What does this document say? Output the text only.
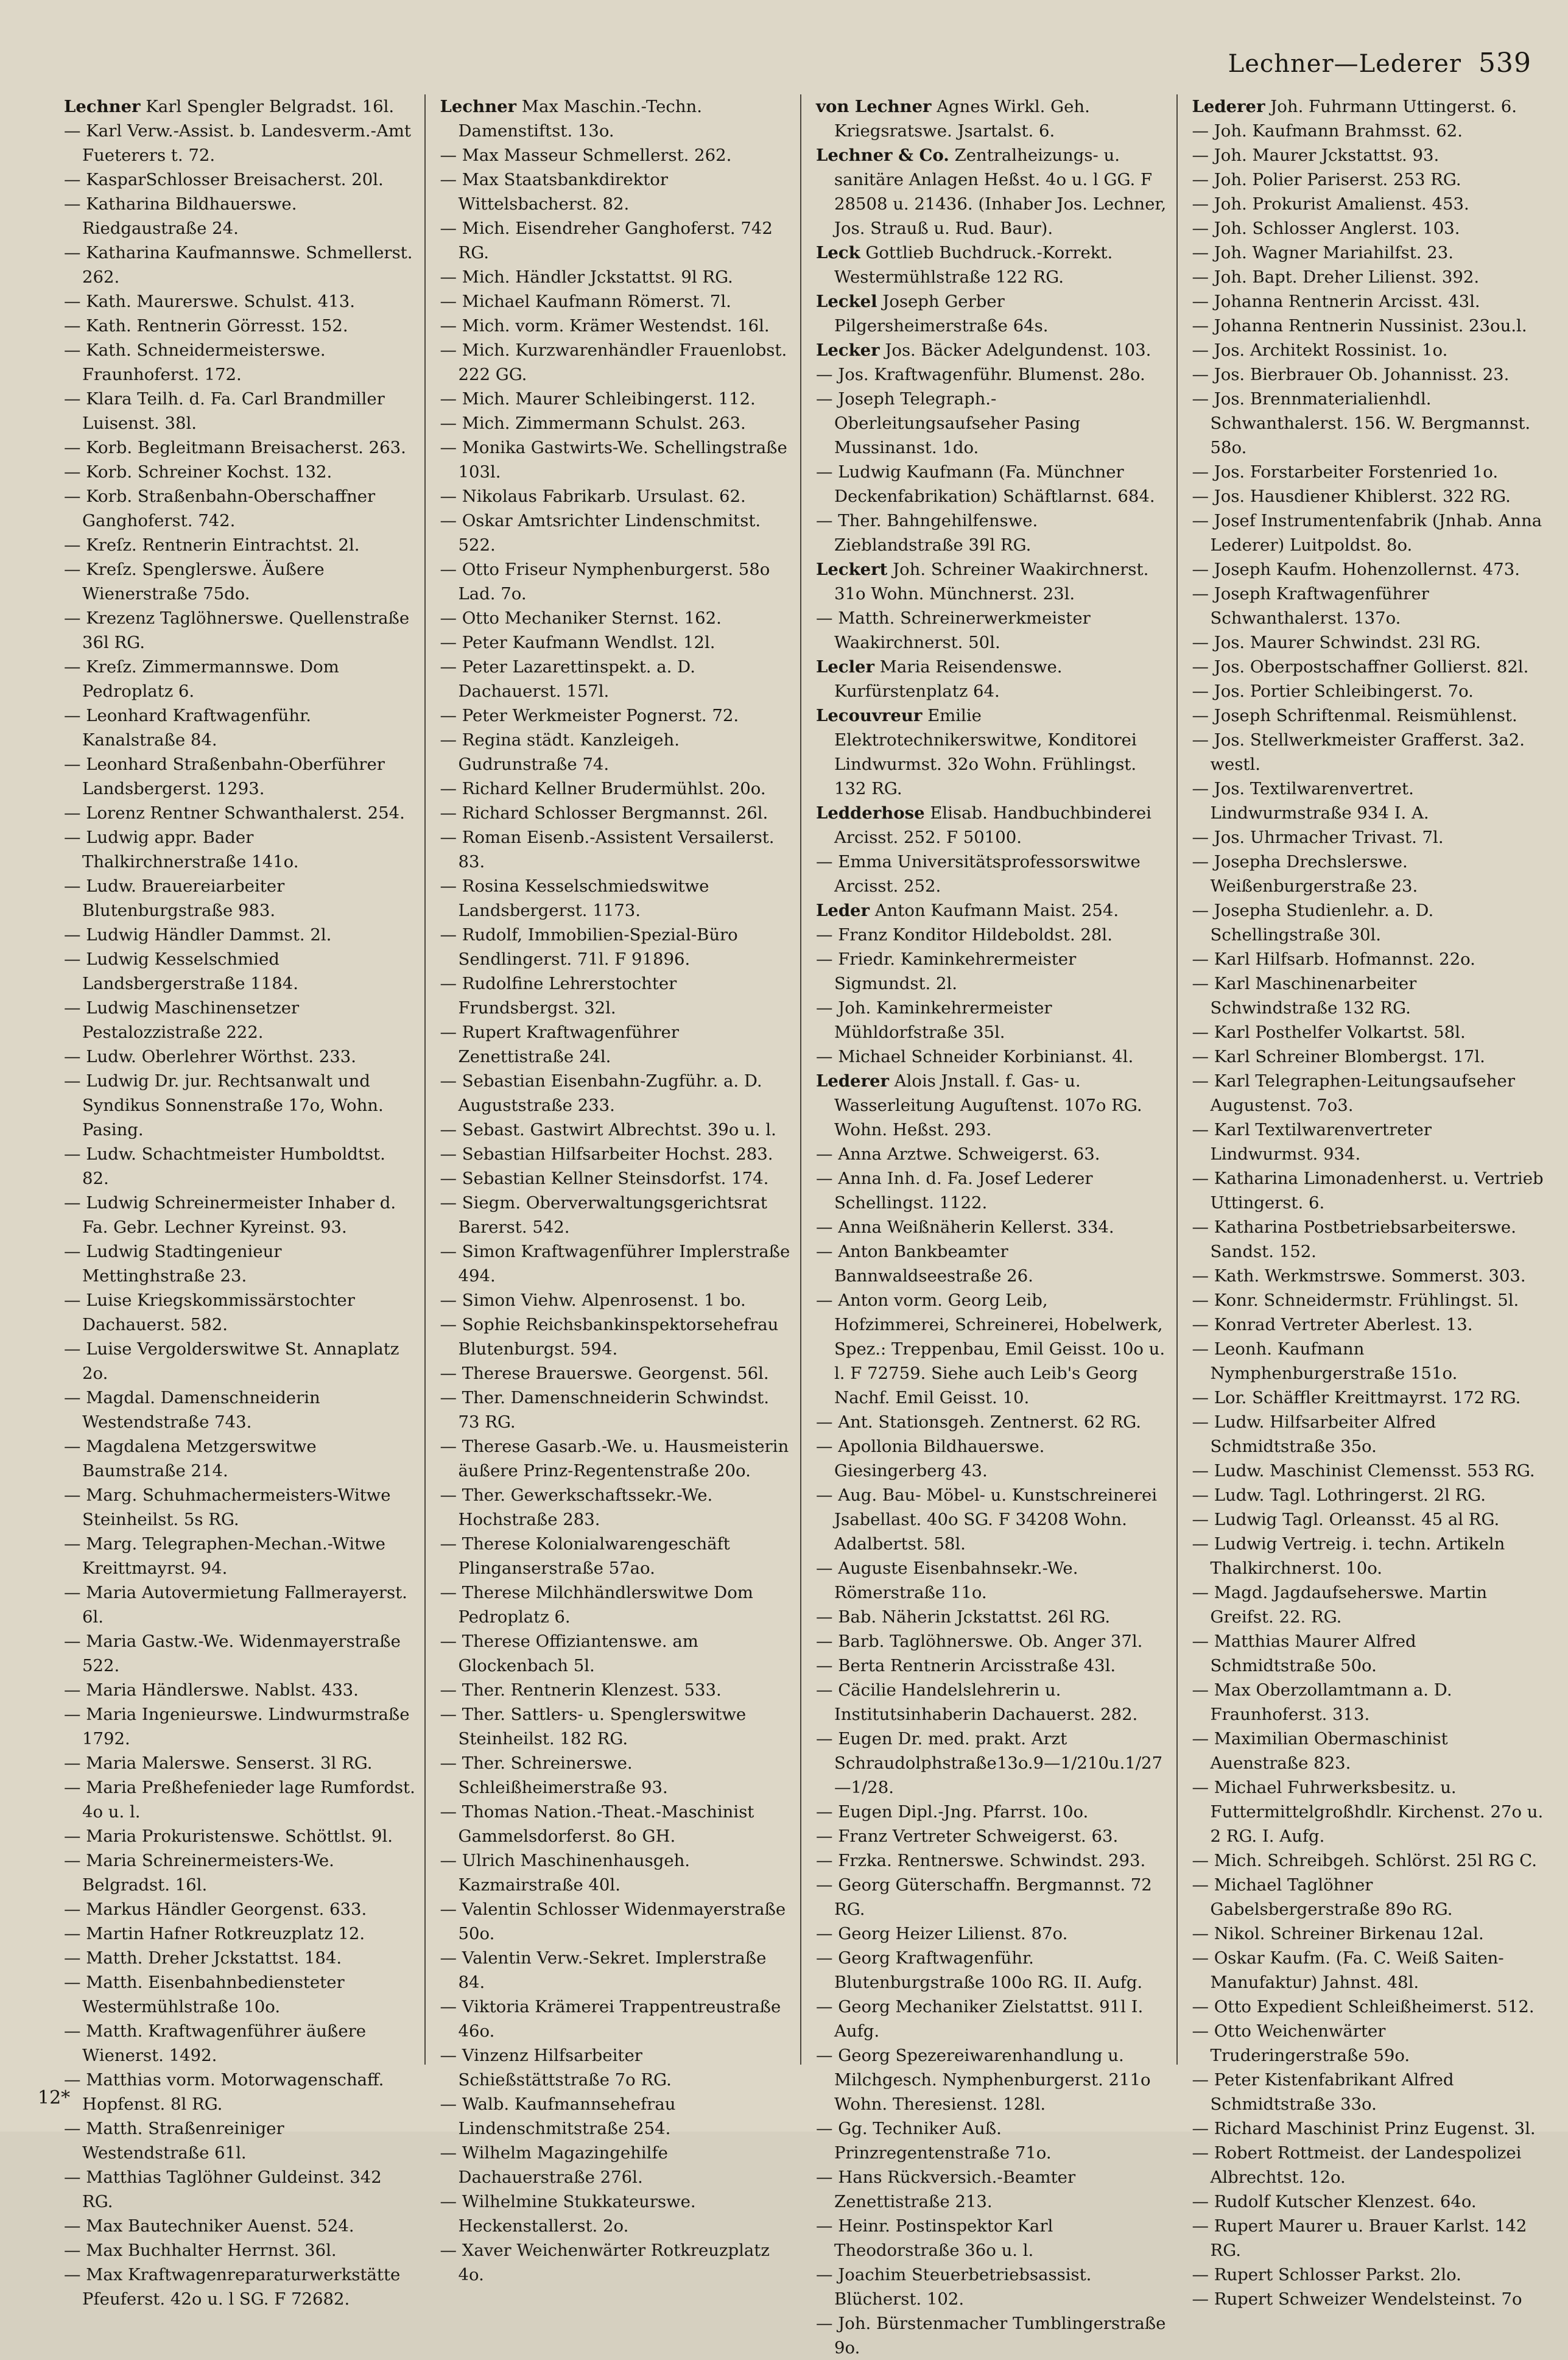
Lechner—Lederer 539
Lechner Karl Spengler Belgradst. 16l.
— Karl Verw.-Assist. b. Landesverm.-Amt Fueterers t. 72.
— KasparSchlosser Breisacherst. 20l.
— Katharina Bildhauerswe. Riedgaustraße 24.
— Katharina Kaufmannswe. Schmellerst. 262.
— Kath. Maurerswe. Schulst. 413.
— Kath. Rentnerin Görresst. 152.
— Kath. Schneidermeisterswe. Fraunhoferst. 172.
— Klara Teilh. d. Fa. Carl Brandmiller Luisenst. 38l.
— Korb. Begleitmann Breisacherst. 263.
— Korb. Schreiner Kochst. 132.
— Korb. Straßenbahn-Oberschaffner Ganghoferst. 742.
— Kreſz. Rentnerin Eintrachtst. 2l.
— Kreſz. Spenglerswe. Äußere Wienerstraße 75do.
— Krezenz Taglöhnerswe. Quellenstraße 36l RG.
— Kreſz. Zimmermannswe. Dom Pedroplatz 6.
— Leonhard Kraftwagenführ. Kanalstraße 84.
— Leonhard Straßenbahn-Oberführer Landsbergerst. 1293.
— Lorenz Rentner Schwanthalerst. 254.
— Ludwig appr. Bader Thalkirchnerstraße 141o.
— Ludw. Brauereiarbeiter Blutenburgstraße 983.
— Ludwig Händler Dammst. 2l.
— Ludwig Kesselschmied Landsbergerstraße 1184.
— Ludwig Maschinensetzer Pestalozzistraße 222.
— Ludw. Oberlehrer Wörthst. 233.
— Ludwig Dr. jur. Rechtsanwalt und Syndikus Sonnenstraße 17o, Wohn. Pasing.
— Ludw. Schachtmeister Humboldtst. 82.
— Ludwig Schreinermeister Inhaber d. Fa. Gebr. Lechner Kyreinst. 93.
— Ludwig Stadtingenieur Mettinghstraße 23.
— Luise Kriegskommissärstochter Dachauerst. 582.
— Luise Vergolderswitwe St. Annaplatz 2o.
— Magdal. Damenschneiderin Westendstraße 743.
— Magdalena Metzgerswitwe Baumstraße 214.
— Marg. Schuhmachermeisters-Witwe Steinheilst. 5s RG.
— Marg. Telegraphen-Mechan.-Witwe Kreittmayrst. 94.
— Maria Autovermietung Fallmerayerst. 6l.
— Maria Gastw.-We. Widenmayerstraße 522.
— Maria Händlerswe. Nablst. 433.
— Maria Ingenieurswe. Lindwurmstraße 1792.
— Maria Malerswe. Senserst. 3l RG.
— Maria Preßhefenieder lage Rumfordst. 4o u. l.
— Maria Prokuristenswe. Schöttlst. 9l.
— Maria Schreinermeisters-We. Belgradst. 16l.
— Markus Händler Georgenst. 633.
— Martin Hafner Rotkreuzplatz 12.
— Matth. Dreher Jckstattst. 184.
— Matth. Eisenbahnbediensteter Westermühlstraße 10o.
— Matth. Kraftwagenführer äußere Wienerst. 1492.
— Matthias vorm. Motorwagenschaff. Hopfenst. 8l RG.
— Matth. Straßenreiniger Westendstraße 61l.
— Matthias Taglöhner Guldeinst. 342 RG.
— Max Bautechniker Auenst. 524.
— Max Buchhalter Herrnst. 36l.
— Max Kraftwagenreparaturwerkstätte Pfeuferst. 42o u. l SG. F 72682.
Lechner Max Maschin.-Techn. Damenstiftst. 13o.
— Max Masseur Schmellerst. 262.
— Max Staatsbankdirektor Wittelsbacherst. 82.
— Mich. Eisendreher Ganghoferst. 742 RG.
— Mich. Händler Jckstattst. 9l RG.
— Michael Kaufmann Römerst. 7l.
— Mich. vorm. Krämer Westendst. 16l.
— Mich. Kurzwarenhändler Frauenlobst. 222 GG.
— Mich. Maurer Schleibingerst. 112.
— Mich. Zimmermann Schulst. 263.
— Monika Gastwirts-We. Schellingstraße 103l.
— Nikolaus Fabrikarb. Ursulast. 62.
— Oskar Amtsrichter Lindenschmitst. 522.
— Otto Friseur Nymphenburgerst. 58o Lad. 7o.
— Otto Mechaniker Sternst. 162.
— Peter Kaufmann Wendlst. 12l.
— Peter Lazarettinspekt. a. D. Dachauerst. 157l.
— Peter Werkmeister Pognerst. 72.
— Regina städt. Kanzleigeh. Gudrunstraße 74.
— Richard Kellner Brudermühlst. 20o.
— Richard Schlosser Bergmannst. 26l.
— Roman Eisenb.-Assistent Versailerst. 83.
— Rosina Kesselschmiedswitwe Landsbergerst. 1173.
— Rudolf, Immobilien-Spezial-Büro Sendlingerst. 71l. F 91896.
— Rudolfine Lehrerstochter Frundsbergst. 32l.
— Rupert Kraftwagenführer Zenettistraße 24l.
— Sebastian Eisenbahn-Zugführ. a. D. Auguststraße 233.
— Sebast. Gastwirt Albrechtst. 39o u. l.
— Sebastian Hilfsarbeiter Hochst. 283.
— Sebastian Kellner Steinsdorfst. 174.
— Siegm. Oberverwaltungsgerichtsrat Barerst. 542.
— Simon Kraftwagenführer Implerstraße 494.
— Simon Viehw. Alpenrosenst. 1 bo.
— Sophie Reichsbankinspektorsehefrau Blutenburgst. 594.
— Therese Brauerswe. Georgenst. 56l.
— Ther. Damenschneiderin Schwindst. 73 RG.
— Therese Gasarb.-We. u. Hausmeisterin äußere Prinz-Regentenstraße 20o.
— Ther. Gewerkschaftssekr.-We. Hochstraße 283.
— Therese Kolonialwarengeschäft Plinganserstraße 57ao.
— Therese Milchhändlerswitwe Dom Pedroplatz 6.
— Therese Offiziantenswe. am Glockenbach 5l.
— Ther. Rentnerin Klenzest. 533.
— Ther. Sattlers- u. Spenglerswitwe Steinheilst. 182 RG.
— Ther. Schreinerswe. Schleißheimerstraße 93.
— Thomas Nation.-Theat.-Maschinist Gammelsdorferst. 8o GH.
— Ulrich Maschinenhausgeh. Kazmairstraße 40l.
— Valentin Schlosser Widenmayerstraße 50o.
— Valentin Verw.-Sekret. Implerstraße 84.
— Viktoria Krämerei Trappentreustraße 46o.
— Vinzenz Hilfsarbeiter Schießstättstraße 7o RG.
— Walb. Kaufmannsehefrau Lindenschmitstraße 254.
— Wilhelm Magazingehilfe Dachauerstraße 276l.
— Wilhelmine Stukkateurswe. Heckenstallerst. 2o.
— Xaver Weichenwärter Rotkreuzplatz 4o.
von Lechner Agnes Wirkl. Geh. Kriegsratswe. Jsartalst. 6.
Lechner & Co. Zentralheizungs- u. sanitäre Anlagen Heßst. 4o u. l GG. F 28508 u. 21436. (Inhaber Jos. Lechner, Jos. Strauß u. Rud. Baur).
Leck Gottlieb Buchdruck.-Korrekt. Westermühlstraße 122 RG.
Leckel Joseph Gerber Pilgersheimerstraße 64s.
Lecker Jos. Bäcker Adelgundenst. 103.
— Jos. Kraftwagenführ. Blumenst. 28o.
— Joseph Telegraph.-Oberleitungsaufseher Pasing Mussinanst. 1do.
— Ludwig Kaufmann (Fa. Münchner Deckenfabrikation) Schäftlarnst. 684.
— Ther. Bahngehilfenswe. Zieblandstraße 39l RG.
Leckert Joh. Schreiner Waakirchnerst. 31o Wohn. Münchnerst. 23l.
— Matth. Schreinerwerkmeister Waakirchnerst. 50l.
Lecler Maria Reisendenswe. Kurfürstenplatz 64.
Lecouvreur Emilie Elektrotechnikerswitwe, Konditorei Lindwurmst. 32o Wohn. Frühlingst. 132 RG.
Ledderhose Elisab. Handbuchbinderei Arcisst. 252. F 50100.
— Emma Universitätsprofessorswitwe Arcisst. 252.
Leder Anton Kaufmann Maist. 254.
— Franz Konditor Hildeboldst. 28l.
— Friedr. Kaminkehrermeister Sigmundst. 2l.
— Joh. Kaminkehrermeister Mühldorfstraße 35l.
— Michael Schneider Korbinianst. 4l.
Lederer Alois Jnstall. f. Gas- u. Wasserleitung Auguſtenst. 107o RG. Wohn. Heßst. 293.
— Anna Arztwe. Schweigerst. 63.
— Anna Inh. d. Fa. Josef Lederer Schellingst. 1122.
— Anna Weißnäherin Kellerst. 334.
— Anton Bankbeamter Bannwaldseestraße 26.
— Anton vorm. Georg Leib, Hofzimmerei, Schreinerei, Hobelwerk, Spez.: Treppenbau, Emil Geisst. 10o u. l. F 72759. Siehe auch Leib's Georg Nachf. Emil Geisst. 10.
— Ant. Stationsgeh. Zentnerst. 62 RG.
— Apollonia Bildhauerswe. Giesingerberg 43.
— Aug. Bau- Möbel- u. Kunstschreinerei Jsabellast. 40o SG. F 34208 Wohn. Adalbertst. 58l.
— Auguste Eisenbahnsekr.-We. Römerstraße 11o.
— Bab. Näherin Jckstattst. 26l RG.
— Barb. Taglöhnerswe. Ob. Anger 37l.
— Berta Rentnerin Arcisstraße 43l.
— Cäcilie Handelslehrerin u. Institutsinhaberin Dachauerst. 282.
— Eugen Dr. med. prakt. Arzt Schraudolphstraße13o.9—1/210u.1/27—1/28.
— Eugen Dipl.-Jng. Pfarrst. 10o.
— Franz Vertreter Schweigerst. 63.
— Frzka. Rentnerswe. Schwindst. 293.
— Georg Güterschaffn. Bergmannst. 72 RG.
— Georg Heizer Lilienst. 87o.
— Georg Kraftwagenführ. Blutenburgstraße 100o RG. II. Aufg.
— Georg Mechaniker Zielstattst. 91l I. Aufg.
— Georg Spezereiwarenhandlung u. Milchgesch. Nymphenburgerst. 211o Wohn. Theresienst. 128l.
— Gg. Techniker Auß. Prinzregentenstraße 71o.
— Hans Rückversich.-Beamter Zenettistraße 213.
— Heinr. Postinspektor Karl Theodorstraße 36o u. l.
— Joachim Steuerbetriebsassist. Blücherst. 102.
— Joh. Bürstenmacher Tumblingerstraße 9o.
Lederer Joh. Fuhrmann Uttingerst. 6.
— Joh. Kaufmann Brahmsst. 62.
— Joh. Maurer Jckstattst. 93.
— Joh. Polier Pariserst. 253 RG.
— Joh. Prokurist Amalienst. 453.
— Joh. Schlosser Anglerst. 103.
— Joh. Wagner Mariahilfst. 23.
— Joh. Bapt. Dreher Lilienst. 392.
— Johanna Rentnerin Arcisst. 43l.
— Johanna Rentnerin Nussinist. 23ou.l.
— Jos. Architekt Rossinist. 1o.
— Jos. Bierbrauer Ob. Johannisst. 23.
— Jos. Brennmaterialienhdl. Schwanthalerst. 156. W. Bergmannst. 58o.
— Jos. Forstarbeiter Forstenried 1o.
— Jos. Hausdiener Khiblerst. 322 RG.
— Josef Instrumentenfabrik (Jnhab. Anna Lederer) Luitpoldst. 8o.
— Joseph Kaufm. Hohenzollernst. 473.
— Joseph Kraftwagenführer Schwanthalerst. 137o.
— Jos. Maurer Schwindst. 23l RG.
— Jos. Oberpostschaffner Gollierst. 82l.
— Jos. Portier Schleibingerst. 7o.
— Joseph Schriftenmal. Reismühlenst.
— Jos. Stellwerkmeister Grafferst. 3a2. westl.
— Jos. Textilwarenvertret. Lindwurmstraße 934 I. A.
— Jos. Uhrmacher Trivast. 7l.
— Josepha Drechslerswe. Weißenburgerstraße 23.
— Josepha Studienlehr. a. D. Schellingstraße 30l.
— Karl Hilfsarb. Hofmannst. 22o.
— Karl Maschinenarbeiter Schwindstraße 132 RG.
— Karl Posthelfer Volkartst. 58l.
— Karl Schreiner Blombergst. 17l.
— Karl Telegraphen-Leitungsaufseher Augustenst. 7o3.
— Karl Textilwarenvertreter Lindwurmst. 934.
— Katharina Limonadenherst. u. Vertrieb Uttingerst. 6.
— Katharina Postbetriebsarbeiterswe. Sandst. 152.
— Kath. Werkmstrswe. Sommerst. 303.
— Konr. Schneidermstr. Frühlingst. 5l.
— Konrad Vertreter Aberlest. 13.
— Leonh. Kaufmann Nymphenburgerstraße 151o.
— Lor. Schäffler Kreittmayrst. 172 RG.
— Ludw. Hilfsarbeiter Alfred Schmidtstraße 35o.
— Ludw. Maschinist Clemensst. 553 RG.
— Ludw. Tagl. Lothringerst. 2l RG.
— Ludwig Tagl. Orleansst. 45 al RG.
— Ludwig Vertreig. i. techn. Artikeln Thalkirchnerst. 10o.
— Magd. Jagdaufseherswe. Martin Greifst. 22. RG.
— Matthias Maurer Alfred Schmidtstraße 50o.
— Max Oberzollamtmann a. D. Fraunhoferst. 313.
— Maximilian Obermaschinist Auenstraße 823.
— Michael Fuhrwerksbesitz. u. Futtermittelgroßhdlr. Kirchenst. 27o u. 2 RG. I. Aufg.
— Mich. Schreibgeh. Schlörst. 25l RG C.
— Michael Taglöhner Gabelsbergerstraße 89o RG.
— Nikol. Schreiner Birkenau 12al.
— Oskar Kaufm. (Fa. C. Weiß Saiten-Manufaktur) Jahnst. 48l.
— Otto Expedient Schleißheimerst. 512.
— Otto Weichenwärter Truderingerstraße 59o.
— Peter Kistenfabrikant Alfred Schmidtstraße 33o.
— Richard Maschinist Prinz Eugenst. 3l.
— Robert Rottmeist. der Landespolizei Albrechtst. 12o.
— Rudolf Kutscher Klenzest. 64o.
— Rupert Maurer u. Brauer Karlst. 142 RG.
— Rupert Schlosser Parkst. 2lo.
— Rupert Schweizer Wendelsteinst. 7o
12*
